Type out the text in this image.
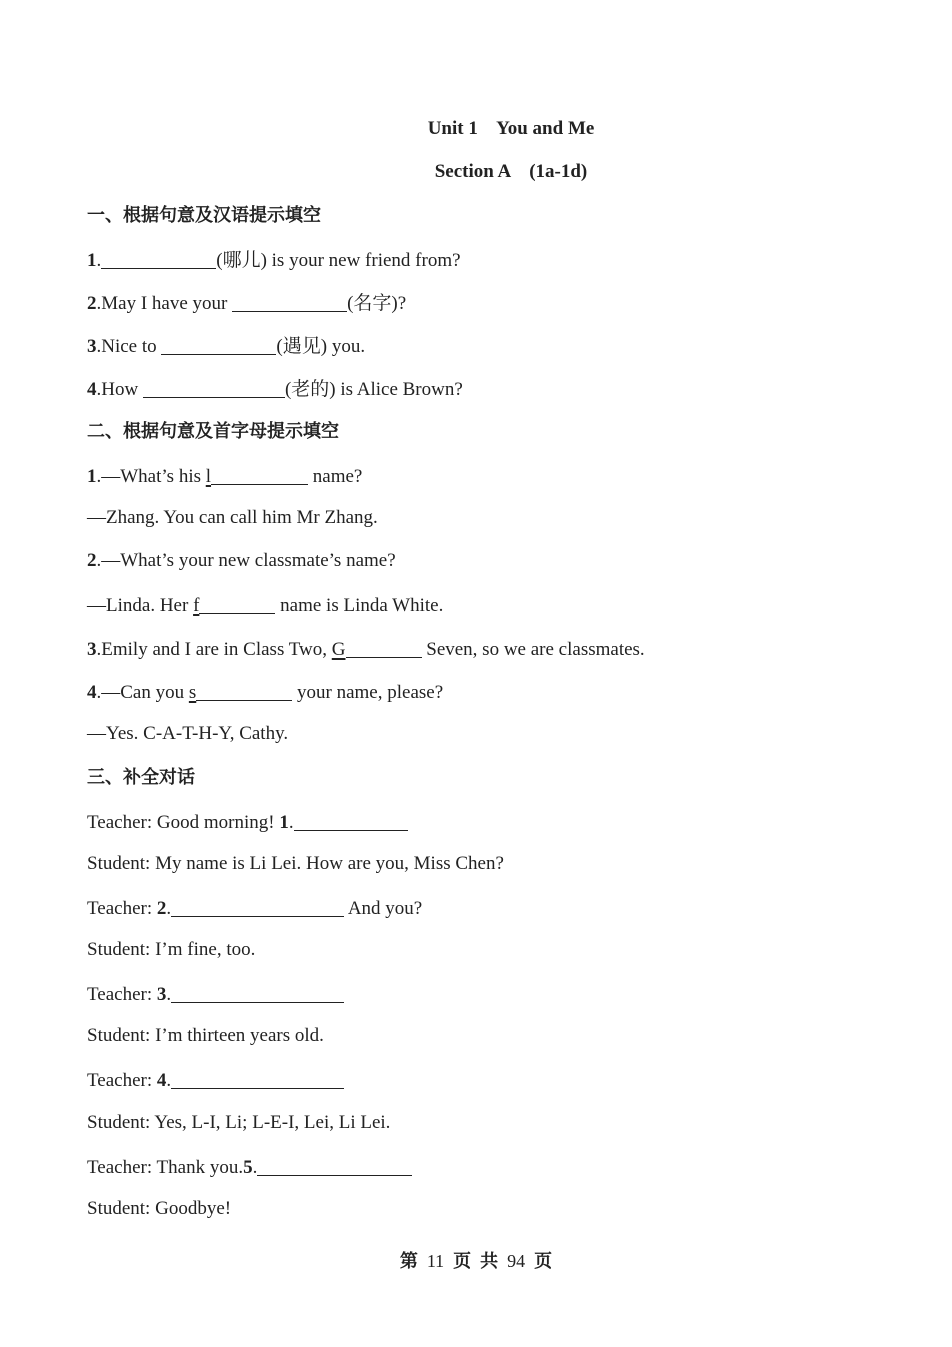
Unit 1    You and Me
Section A    (1a-1d)
一、根据句意及汉语提示填空
1.	(哪儿) is your new friend from?
2.May I have your	(名字)?
3.Nice to	(遇见) you.
4.How	(老的) is Alice Brown?
二、根据句意及首字母提示填空
1.—What’s his l	name?
—Zhang. You can call him Mr Zhang.
2.—What’s your new classmate’s name?
—Linda. Her f	name is Linda White.
3.Emily and I are in Class Two, G	Seven, so we are classmates.
4.—Can you s	your name, please?
—Yes. C-A-T-H-Y, Cathy.
三、补全对话
Teacher: Good morning! 1.
Student: My name is Li Lei. How are you, Miss Chen?
Teacher: 2.	And you?
Student: I’m fine, too.
Teacher: 3.
Student: I’m thirteen years old.
Teacher: 4.
Student: Yes, L-I, Li; L-E-I, Lei, Li Lei.
Teacher: Thank you.5.
Student: Goodbye!
第 11 页 共 94 页
